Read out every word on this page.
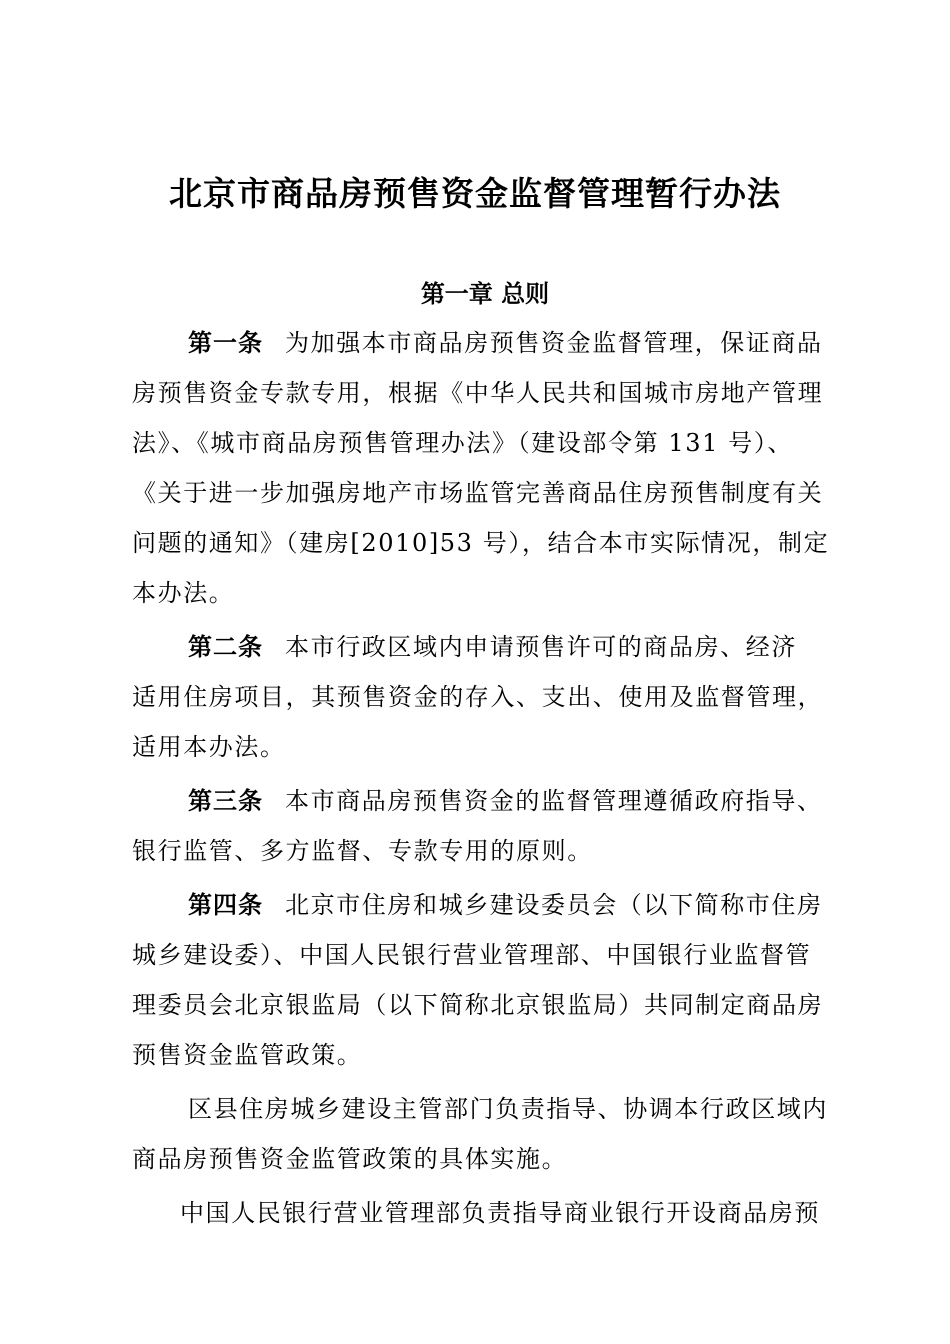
北京市商品房预售资金监督管理暂行办法
第一章 总则
第一条 为加强本市商品房预售资金监督管理，保证商品
房预售资金专款专用，根据《中华人民共和国城市房地产管理
法》、《城市商品房预售管理办法》（建设部令第 131 号）、
《关于进一步加强房地产市场监管完善商品住房预售制度有关
问题的通知》（建房[2010]53 号），结合本市实际情况，制定
本办法。
第二条 本市行政区域内申请预售许可的商品房、经济
适用住房项目，其预售资金的存入、支出、使用及监督管理，
适用本办法。
第三条 本市商品房预售资金的监督管理遵循政府指导、
银行监管、多方监督、专款专用的原则。
第四条 北京市住房和城乡建设委员会（以下简称市住房
城乡建设委）、中国人民银行营业管理部、中国银行业监督管
理委员会北京银监局（以下简称北京银监局）共同制定商品房
预售资金监管政策。
区县住房城乡建设主管部门负责指导、协调本行政区域内
商品房预售资金监管政策的具体实施。
中国人民银行营业管理部负责指导商业银行开设商品房预
